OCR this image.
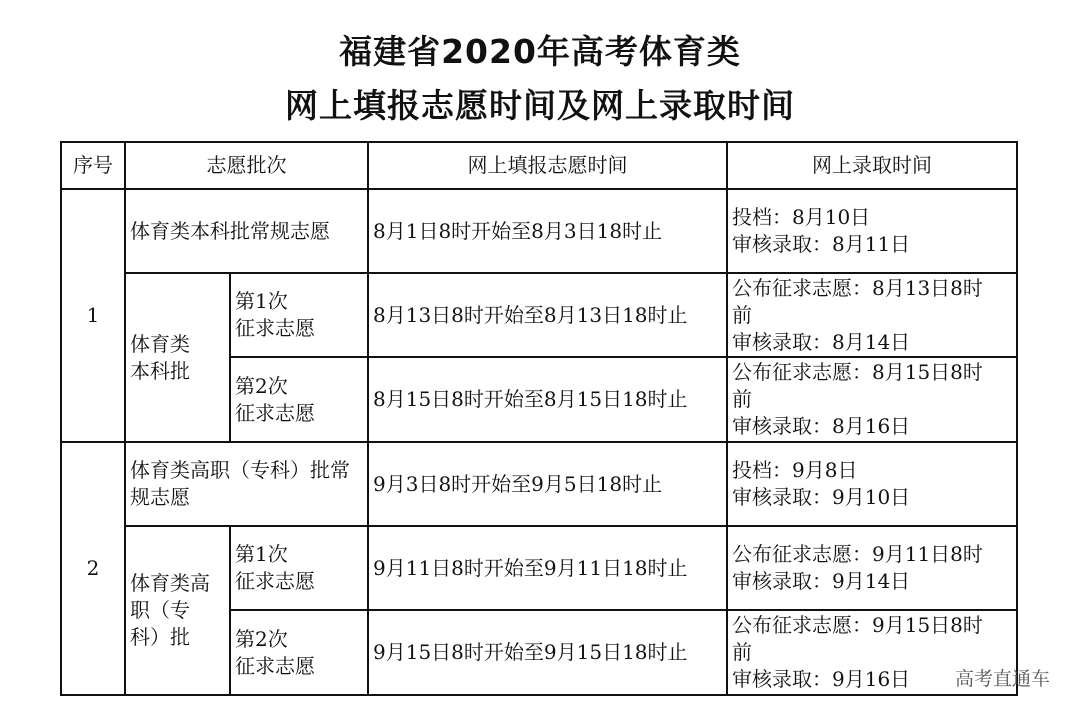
福建省2020年高考体育类
网上填报志愿时间及网上录取时间
序号	志愿批次		网上填报志愿时间	网上录取时间
1	体育类本科批常规志愿		8月1日8时开始至8月3日18时止	投档：8月10日
审核录取：8月11日
	体育类
本科批	第1次
征求志愿	8月13日8时开始至8月13日18时止	公布征求志愿：8月13日8时
前
审核录取：8月14日
		第2次
征求志愿	8月15日8时开始至8月15日18时止	公布征求志愿：8月15日8时
前
审核录取：8月16日
2	体育类高职（专科）批常规志愿		9月3日8时开始至9月5日18时止	投档：9月8日
审核录取：9月10日
	体育类高
职（专
科）批	第1次
征求志愿	9月11日8时开始至9月11日18时止	公布征求志愿：9月11日8时
审核录取：9月14日
		第2次
征求志愿	9月15日8时开始至9月15日18时止	公布征求志愿：9月15日8时
前
审核录取：9月16日 高考直通车
